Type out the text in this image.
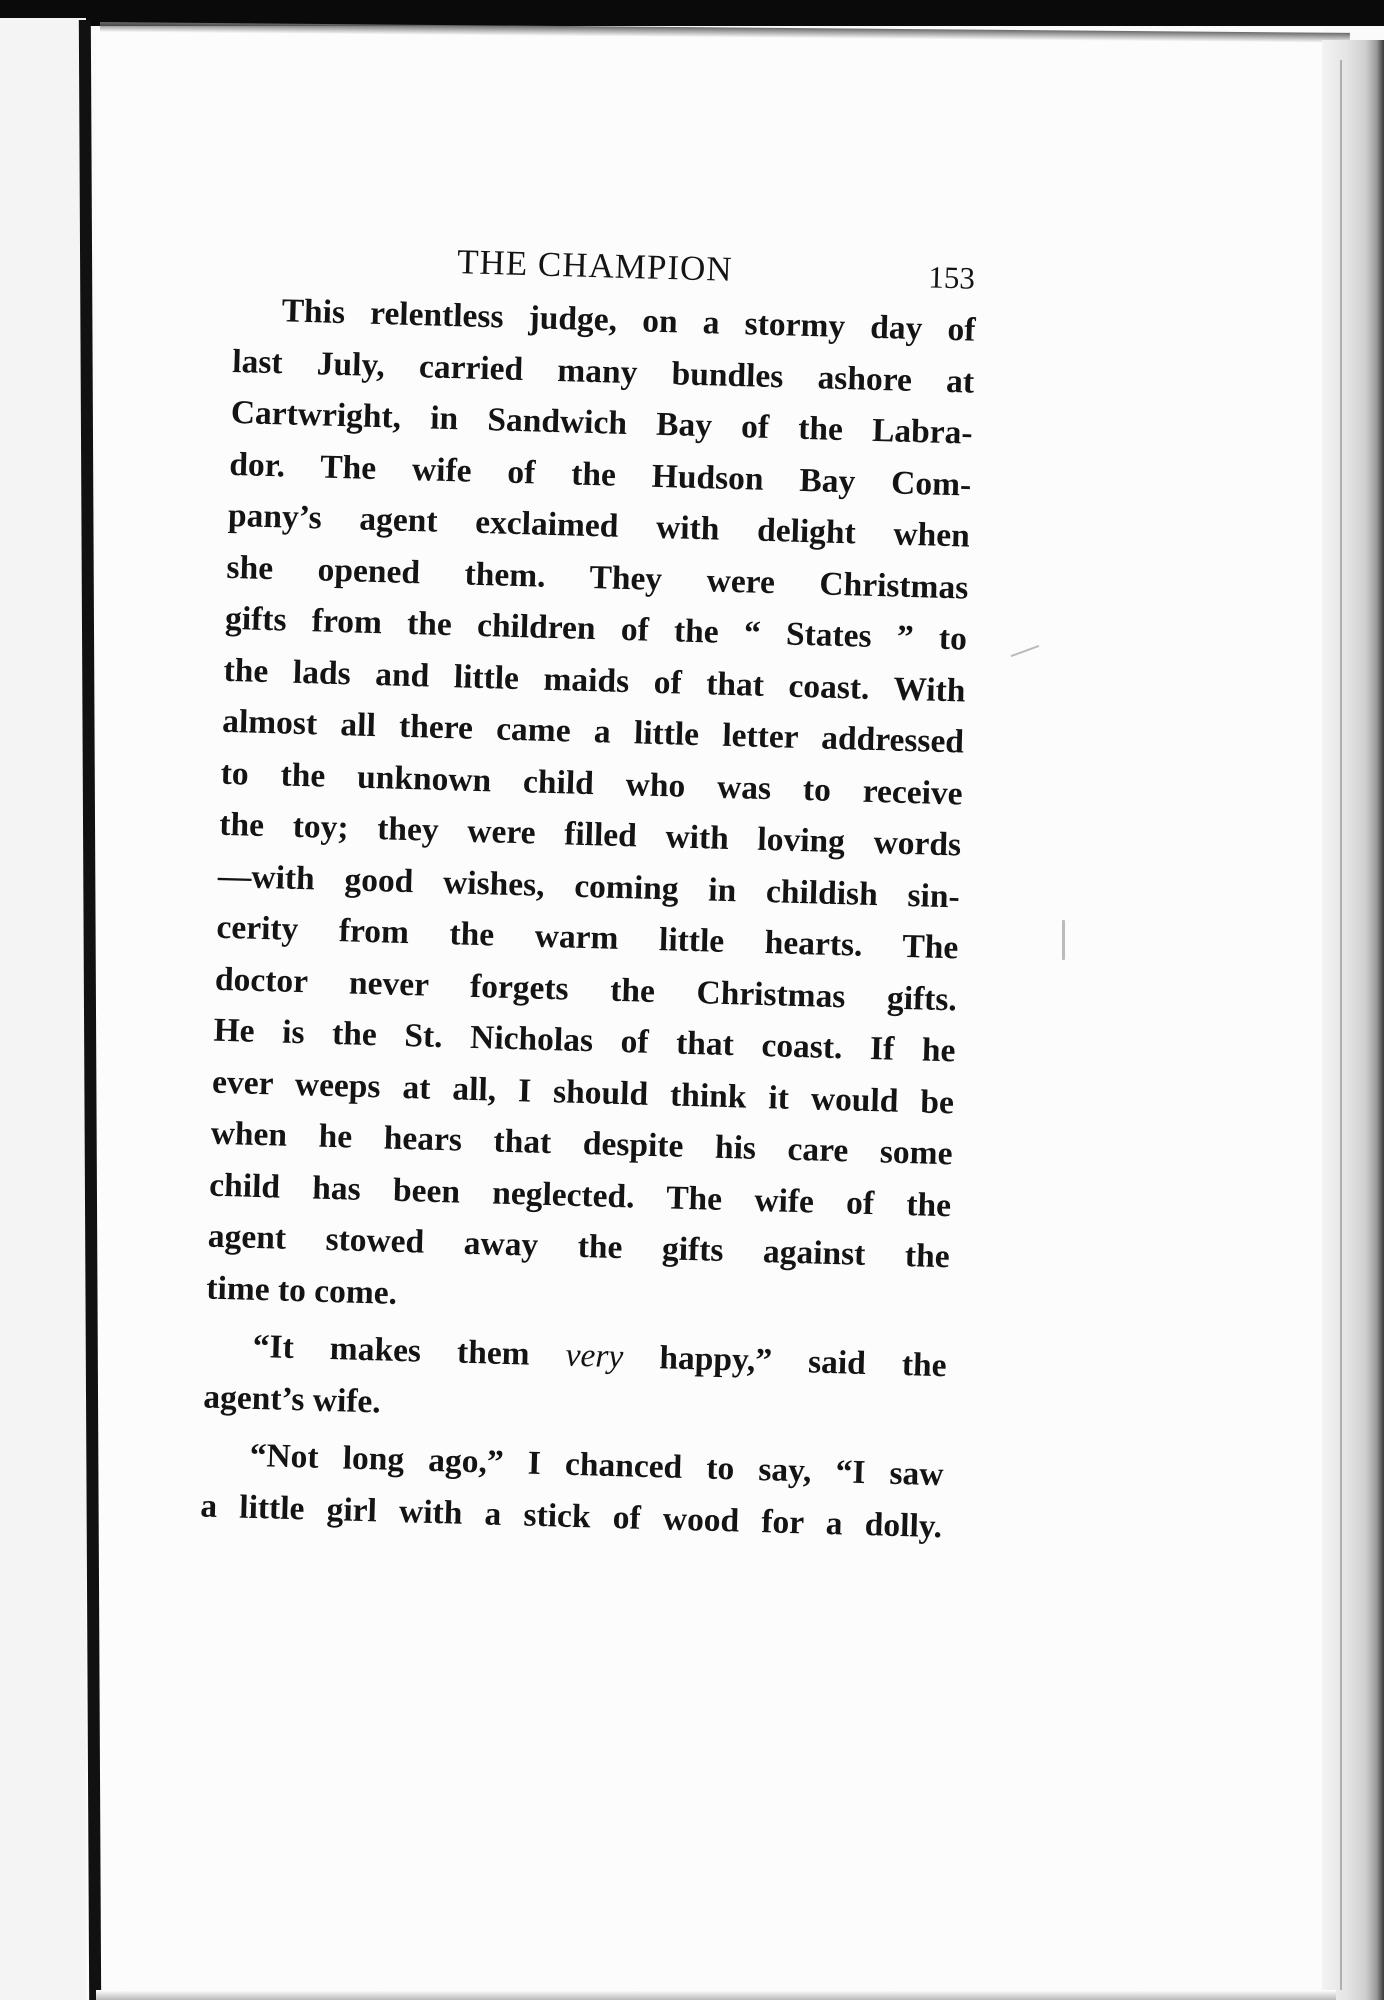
THE CHAMPION	153
This relentless judge, on a stormy day of
last July, carried many bundles ashore at
Cartwright, in Sandwich Bay of the Labra-
dor. The wife of the Hudson Bay Com-
pany’s agent exclaimed with delight when
she opened them. They were Christmas
gifts from the children of the “ States ” to
the lads and little maids of that coast. With
almost all there came a little letter addressed
to the unknown child who was to receive
the toy; they were filled with loving words
—with good wishes, coming in childish sin-
cerity from the warm little hearts. The
doctor never forgets the Christmas gifts.
He is the St. Nicholas of that coast. If he
ever weeps at all, I should think it would be
when he hears that despite his care some
child has been neglected. The wife of the
agent stowed away the gifts against the
time to come.
“It makes them very happy,” said the
agent’s wife.
“Not long ago,” I chanced to say, “I saw
a little girl with a stick of wood for a dolly.
